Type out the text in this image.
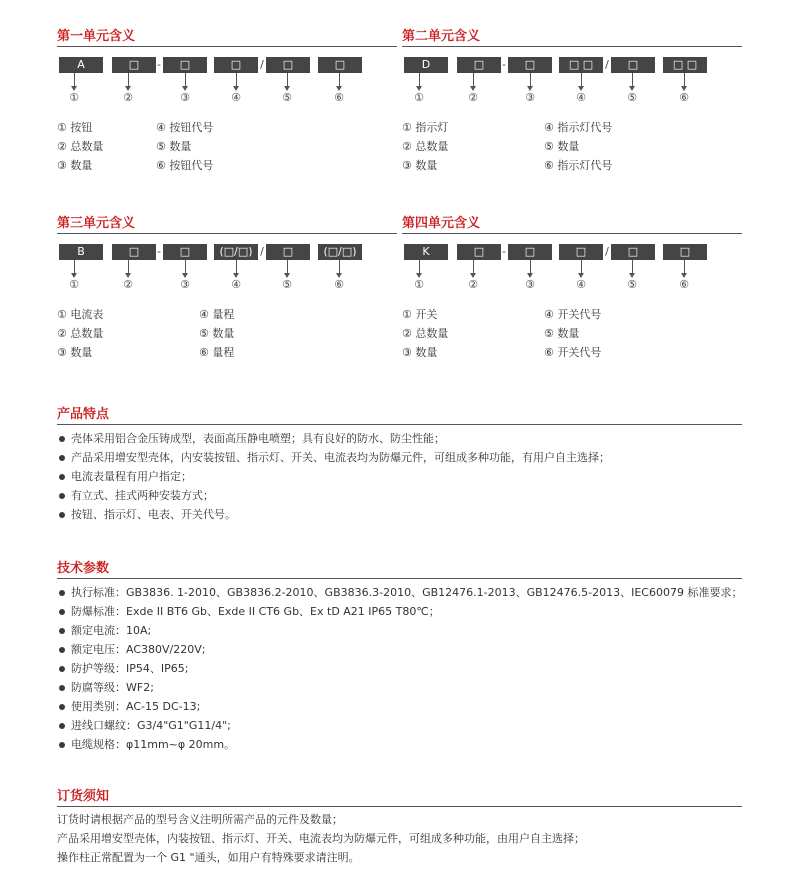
第一单元含义
A	□	-	□	□	/	□	□
①	②	③	④	⑤	⑥
① 按钮
② 总数量
③ 数量
④ 按钮代号
⑤ 数量
⑥ 按钮代号
第二单元含义
D	□	-	□	□ □	/	□	□ □
①	②	③	④	⑤	⑥
① 指示灯
② 总数量
③ 数量
④ 指示灯代号
⑤ 数量
⑥ 指示灯代号
第三单元含义
B	□	-	□	(□/□) /	□	(□/□)
①	②	③	④	⑤	⑥
① 电流表
② 总数量
③ 数量
④ 量程
⑤ 数量
⑥ 量程
第四单元含义
K	□	-	□	□	/	□	□
①	②	③	④	⑤	⑥
① 开关
② 总数量
③ 数量
④ 开关代号
⑤ 数量
⑥ 开关代号
产品特点
壳体采用铝合金压铸成型，表面高压静电喷塑；具有良好的防水、防尘性能；
产品采用增安型壳体，内安装按钮、指示灯、开关、电流表均为防爆元件，可组成多种功能，有用户自主选择；
电流表量程有用户指定；
有立式、挂式两种安装方式；
按钮、指示灯、电表、开关代号。
技术参数
执行标准：GB3836. 1-2010、GB3836.2-2010、GB3836.3-2010、GB12476.1-2013、GB12476.5-2013、IEC60079 标准要求；
防爆标准：Exde II BT6 Gb、Exde II CT6 Gb、Ex tD A21 IP65 T80℃；
额定电流：10A;
额定电压：AC380V/220V;
防护等级：IP54、IP65;
防腐等级：WF2;
使用类别：AC-15 DC-13;
进线口螺纹：G3/4"G1"G11/4";
电缆规格：φ11mm~φ 20mm。
订货须知

订货时请根据产品的型号含义注明所需产品的元件及数量；

产品采用增安型壳体，内装按钮、指示灯、开关、电流表均为防爆元件，可组成多种功能，由用户自主选择；

操作柱正常配置为一个 G1 "通头，如用户有特殊要求请注明。
